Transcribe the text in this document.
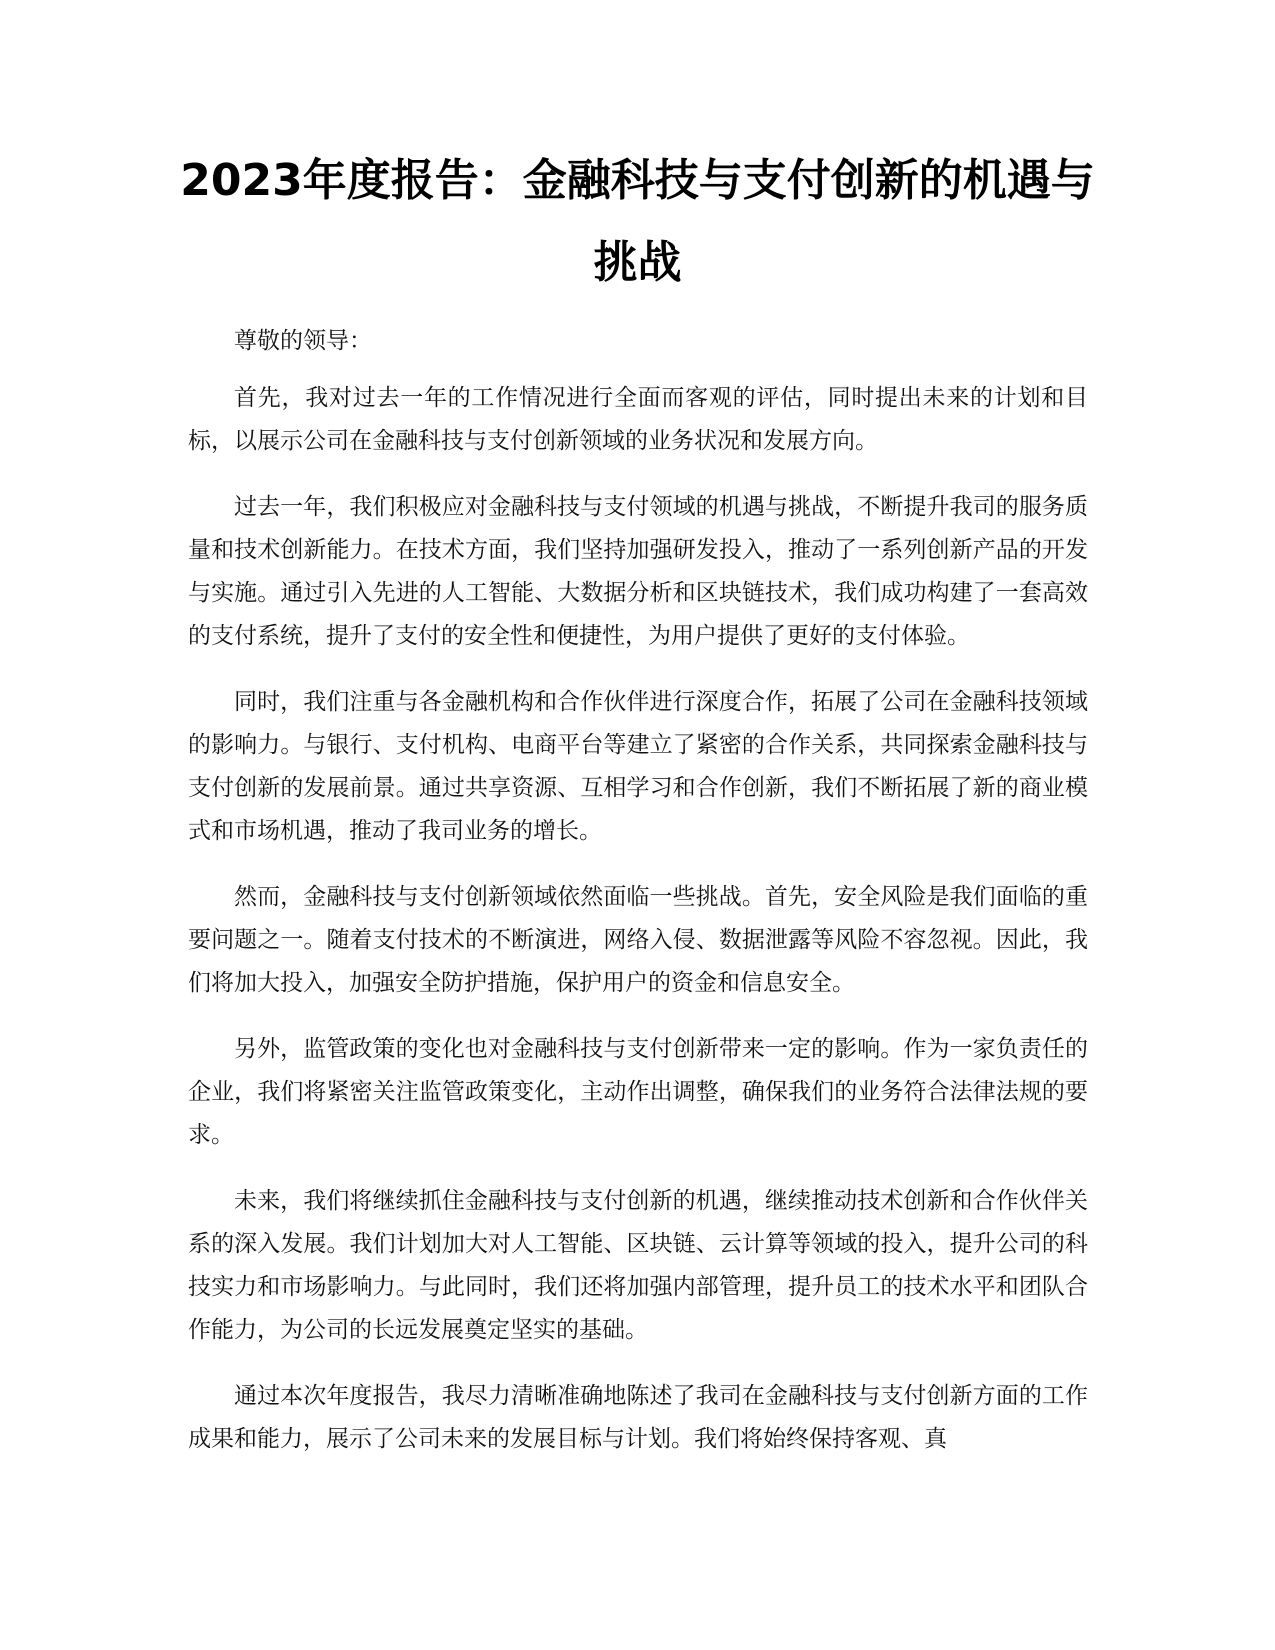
2023年度报告：金融科技与支付创新的机遇与挑战

尊敬的领导：

首先，我对过去一年的工作情况进行全面而客观的评估，同时提出未来的计划和目标，以展示公司在金融科技与支付创新领域的业务状况和发展方向。

过去一年，我们积极应对金融科技与支付领域的机遇与挑战，不断提升我司的服务质量和技术创新能力。在技术方面，我们坚持加强研发投入，推动了一系列创新产品的开发与实施。通过引入先进的人工智能、大数据分析和区块链技术，我们成功构建了一套高效的支付系统，提升了支付的安全性和便捷性，为用户提供了更好的支付体验。

同时，我们注重与各金融机构和合作伙伴进行深度合作，拓展了公司在金融科技领域的影响力。与银行、支付机构、电商平台等建立了紧密的合作关系，共同探索金融科技与支付创新的发展前景。通过共享资源、互相学习和合作创新，我们不断拓展了新的商业模式和市场机遇，推动了我司业务的增长。

然而，金融科技与支付创新领域依然面临一些挑战。首先，安全风险是我们面临的重要问题之一。随着支付技术的不断演进，网络入侵、数据泄露等风险不容忽视。因此，我们将加大投入，加强安全防护措施，保护用户的资金和信息安全。

另外，监管政策的变化也对金融科技与支付创新带来一定的影响。作为一家负责任的企业，我们将紧密关注监管政策变化，主动作出调整，确保我们的业务符合法律法规的要求。

未来，我们将继续抓住金融科技与支付创新的机遇，继续推动技术创新和合作伙伴关系的深入发展。我们计划加大对人工智能、区块链、云计算等领域的投入，提升公司的科技实力和市场影响力。与此同时，我们还将加强内部管理，提升员工的技术水平和团队合作能力，为公司的长远发展奠定坚实的基础。

通过本次年度报告，我尽力清晰准确地陈述了我司在金融科技与支付创新方面的工作成果和能力，展示了公司未来的发展目标与计划。我们将始终保持客观、真
